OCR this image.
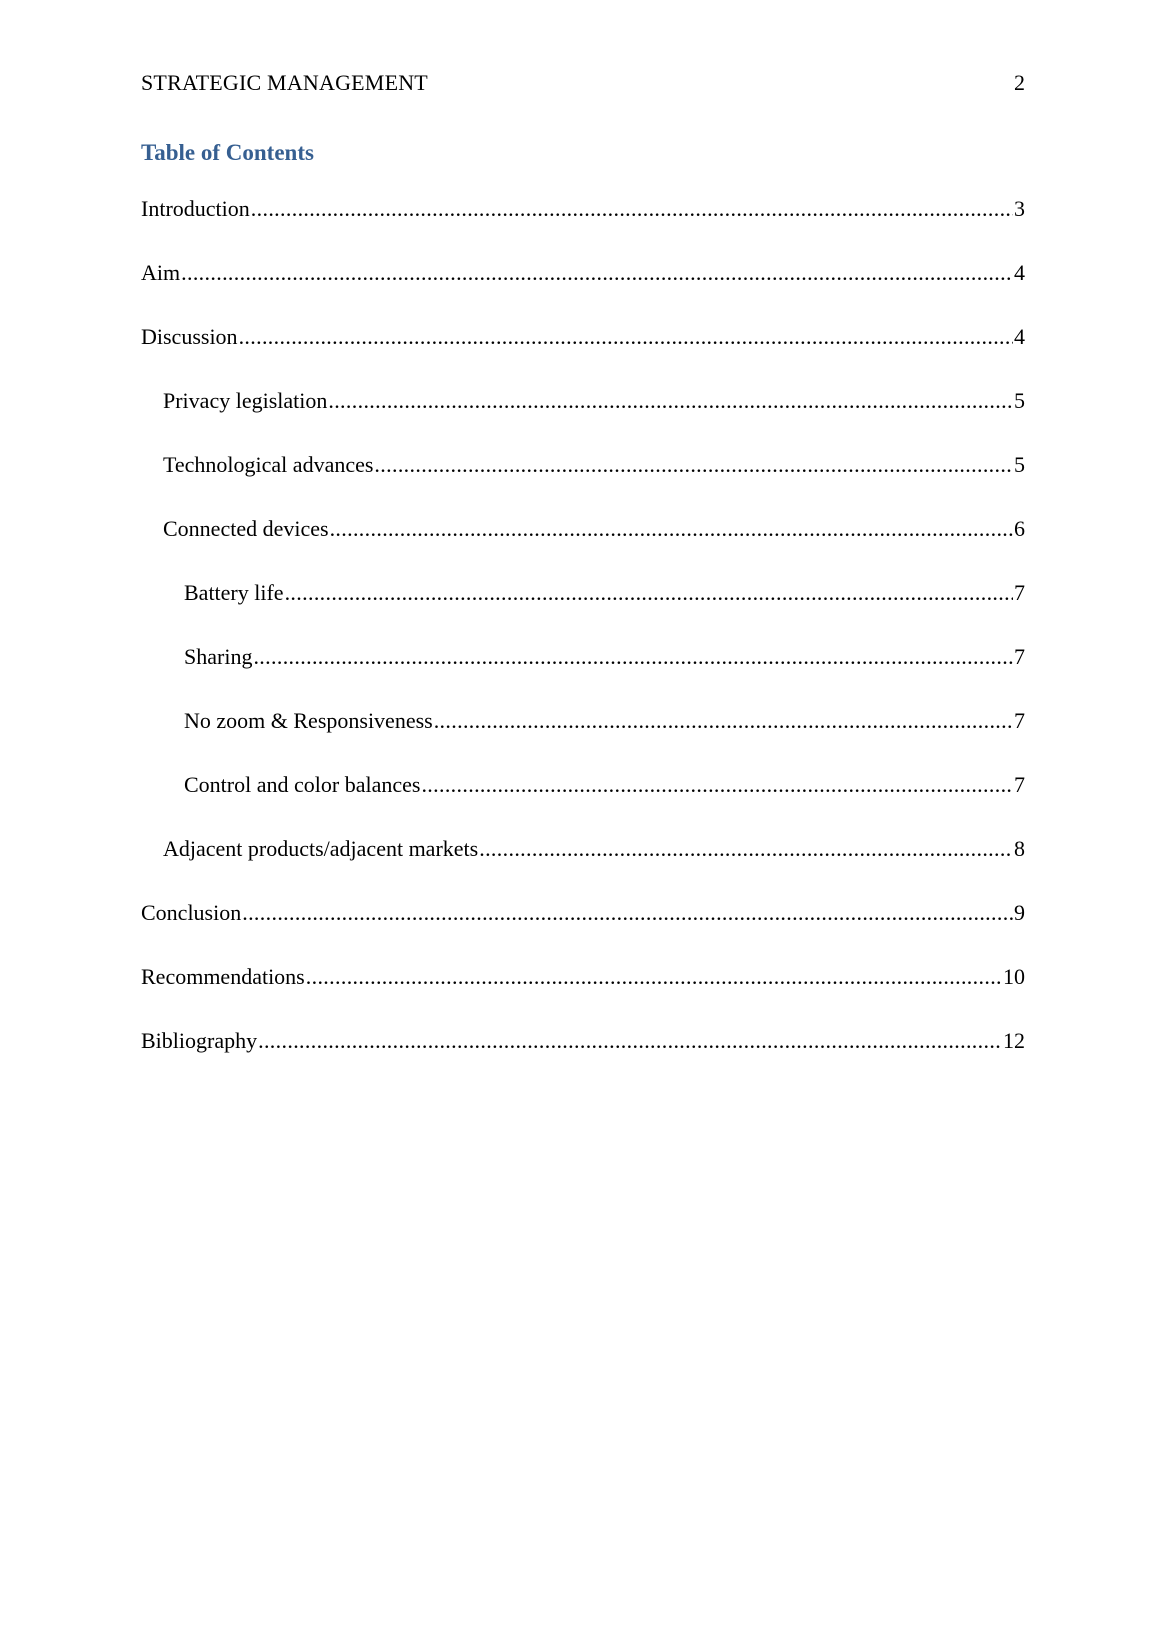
STRATEGIC MANAGEMENT	2
Table of Contents
Introduction .....	3
Aim .....	4
Discussion .....	4
Privacy legislation .....	5
Technological advances .....	5
Connected devices .....	6
Battery life .....	7
Sharing .....	7
No zoom & Responsiveness .....	7
Control and color balances .....	7
Adjacent products/adjacent markets .....	8
Conclusion .....	9
Recommendations .....	10
Bibliography .....	12
